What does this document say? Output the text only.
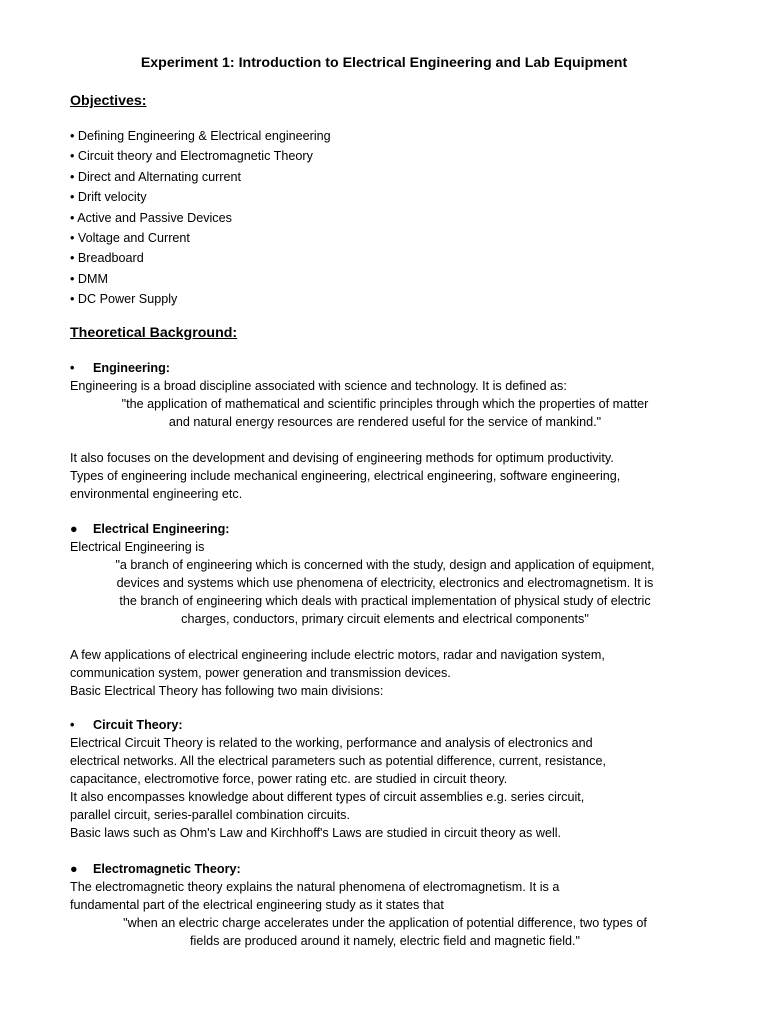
Experiment 1: Introduction to Electrical Engineering and Lab Equipment
Objectives:
• Defining Engineering & Electrical engineering
• Circuit theory and Electromagnetic Theory
• Direct and Alternating current
• Drift velocity
• Active and Passive Devices
• Voltage and Current
• Breadboard
• DMM
• DC Power Supply
Theoretical Background:
• Engineering:

Engineering is a broad discipline associated with science and technology. It is defined as:

"the application of mathematical and scientific principles through which the properties of matter

and natural energy resources are rendered useful for the service of mankind."

It also focuses on the development and devising of engineering methods for optimum productivity.

Types of engineering include mechanical engineering, electrical engineering, software engineering,

environmental engineering etc.

● Electrical Engineering:

Electrical Engineering is

"a branch of engineering which is concerned with the study, design and application of equipment,

devices and systems which use phenomena of electricity, electronics and electromagnetism. It is

the branch of engineering which deals with practical implementation of physical study of electric

charges, conductors, primary circuit elements and electrical components"

A few applications of electrical engineering include electric motors, radar and navigation system,

communication system, power generation and transmission devices.

Basic Electrical Theory has following two main divisions:

• Circuit Theory:

Electrical Circuit Theory is related to the working, performance and analysis of electronics and

electrical networks. All the electrical parameters such as potential difference, current, resistance,

capacitance, electromotive force, power rating etc. are studied in circuit theory.

It also encompasses knowledge about different types of circuit assemblies e.g. series circuit,

parallel circuit, series-parallel combination circuits.

Basic laws such as Ohm's Law and Kirchhoff's Laws are studied in circuit theory as well.

● Electromagnetic Theory:

The electromagnetic theory explains the natural phenomena of electromagnetism. It is a

fundamental part of the electrical engineering study as it states that

"when an electric charge accelerates under the application of potential difference, two types of

fields are produced around it namely, electric field and magnetic field."
